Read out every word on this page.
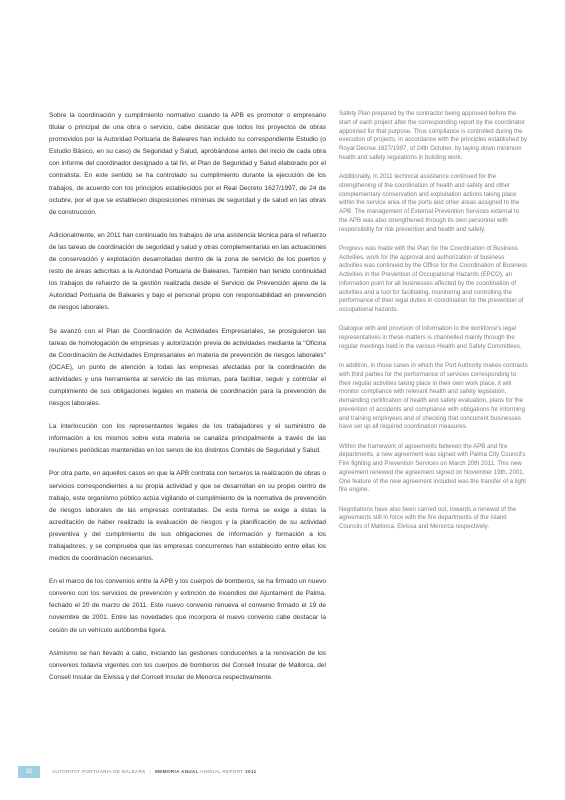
Sobre la coordinación y cumplimiento normativo cuando la APB es promotor o empresario titular o principal de una obra o servicio, cabe destacar que todos los proyectos de obras promovidos por la Autoridad Portuaria de Baleares han incluido su correspondiente Estudio (o Estudio Básico, en su caso) de Seguridad y Salud, aprobándose antes del inicio de cada obra con informe del coordinador designado a tal fin, el Plan de Seguridad y Salud elaborado por el contratista. En este sentido se ha controlado su cumplimiento durante la ejecución de los trabajos, de acuerdo con los principios establecidos por el Real Decreto 1627/1997, de 24 de octubre, por el que se establecen disposiciones mínimas de seguridad y de salud en las obras de construcción.

Adicionalmente, en 2011 han continuado los trabajos de una asistencia técnica para el refuerzo de las tareas de coordinación de seguridad y salud y otras complementarias en las actuaciones de conservación y explotación desarrolladas dentro de la zona de servicio de los puertos y resto de áreas adscritas a la Autoridad Portuaria de Baleares. También han tenido continuidad los trabajos de refuerzo de la gestión realizada desde el Servicio de Prevención ajeno de la Autoridad Portuaria de Baleares y bajo el personal propio con responsabilidad en prevención de riesgos laborales.

Se avanzó con el Plan de Coordinación de Actividades Empresariales, se prosiguieron las tareas de homologación de empresas y autorización previa de actividades mediante la "Oficina de Coordinación de Actividades Empresariales en materia de prevención de riesgos laborales" (OCAE), un punto de atención a todas las empresas afectadas por la coordinación de actividades y una herramienta al servicio de las mismas, para facilitar, seguir y controlar el cumplimiento de sus obligaciones legales en materia de coordinación para la prevención de riesgos laborales.

La interlocución con los representantes legales de los trabajadores y el suministro de información a los mismos sobre esta materia se canaliza principalmente a través de las reuniones periódicas mantenidas en los senos de los distintos Comités de Seguridad y Salud.

Por otra parte, en aquellos casos en que la APB contrata con terceros la realización de obras o servicios correspondientes a su propia actividad y que se desarrollan en su propio centro de trabajo, este organismo público actúa vigilando el cumplimiento de la normativa de prevención de riesgos laborales de las empresas contratadas. De esta forma se exige a éstas la acreditación de haber realizado la evaluación de riesgos y la planificación de su actividad preventiva y del cumplimiento de sus obligaciones de información y formación a los trabajadores, y se comprueba que las empresas concurrentes han establecido entre ellas los medios de coordinación necesarios.

En el marco de los convenios entre la APB y los cuerpos de bomberos, se ha firmado un nuevo convenio con los servicios de prevención y extinción de incendios del Ajuntament de Palma, fechado el 20 de marzo de 2011. Este nuevo convenio renueva el convenio firmado el 19 de noviembre de 2001. Entre las novedades que incorpora el nuevo convenio cabe destacar la cesión de un vehículo autobomba ligera.

Asimismo se han llevado a cabo, iniciando las gestiones conducentes a la renovación de los convenios todavía vigentes con los cuerpos de bomberos del Consell Insular de Mallorca, del Consell Insular de Eivissa y del Consell Insular de Menorca respectivamente.

Safety Plan prepared by the contractor being approved before the start of each project after the corresponding report by the coordinator appointed for that purpose. Thus compliance is controlled during the execution of projects, in accordance with the principles established by Royal Decree 1627/1997, of 24th October, by laying down minimum health and safety regulations in building work.

Additionally, in 2011 technical assistance continued for the strengthening of the coordination of health and safety and other complementary conservation and exploitation actions taking place within the service area of the ports and other areas assigned to the APB. The management of External Prevention Services external to the APB was also strengthened through its own personnel with responsibility for risk prevention and health and safety.

Progress was made with the Plan for the Coordination of Business Activities, work for the approval and authorization of business activities was continued by the Office for the Coordination of Business Activities in the Prevention of Occupational Hazards (EPCO), an information point for all businesses affected by the coordination of activities and a tool for facilitating, monitoring and controlling the performance of their legal duties in coordination for the prevention of occupational hazards.

Dialogue with and provision of information to the workforce's legal representatives in these matters is channelled mainly through the regular meetings held in the various Health and Safety Committees.

In addition, in those cases in which the Port Authority makes contracts with third parties for the performance of services corresponding to their regular activities taking place in their own work place, it will monitor compliance with relevant health and safety legislation, demanding certification of health and safety evaluation, plans for the prevention of accidents and compliance with obligations for informing and training employees and of checking that concurrent businesses have set up all required coordination measures.

Within the framework of agreements between the APB and fire departments, a new agreement was signed with Palma City Council's Fire fighting and Prevention Services on March 20th 2011. This new agreement renewed the agreement signed on November 19th, 2001. One feature of the new agreement included was the transfer of a light fire engine.

Negotiations have also been carried out, towards a renewal of the agreements still in force with the fire departments of the Island Councils of Mallorca, Eivissa and Menorca respectively.

30	AUTORITAT PORTUÀRIA DE BALEARS | MEMORIA ANUAL ANNUAL REPORT 2011
